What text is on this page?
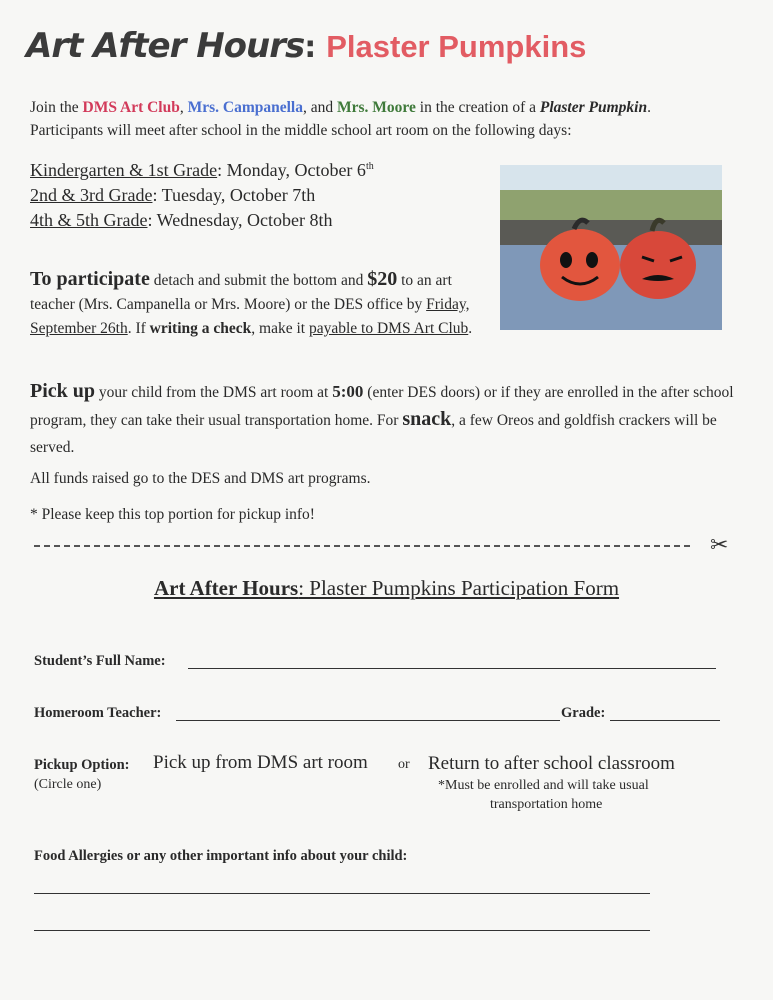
Art After Hours: Plaster Pumpkins
Join the DMS Art Club, Mrs. Campanella, and Mrs. Moore in the creation of a Plaster Pumpkin.
Participants will meet after school in the middle school art room on the following days:
Kindergarten & 1st Grade: Monday, October 6th
2nd & 3rd Grade: Tuesday, October 7th
4th & 5th Grade: Wednesday, October 8th
To participate detach and submit the bottom and $20 to an art teacher (Mrs. Campanella or Mrs. Moore) or the DES office by Friday, September 26th. If writing a check, make it payable to DMS Art Club.
Pick up your child from the DMS art room at 5:00 (enter DES doors) or if they are enrolled in the after school program, they can take their usual transportation home. For snack, a few Oreos and goldfish crackers will be served.
All funds raised go to the DES and DMS art programs.
* Please keep this top portion for pickup info!
✂
Art After Hours: Plaster Pumpkins Participation Form
Student’s Full Name:
Homeroom Teacher:	Grade:
Pickup Option:
(Circle one)
Pick up from DMS art room or Return to after school classroom
*Must be enrolled and will take usual
transportation home
Food Allergies or any other important info about your child:
